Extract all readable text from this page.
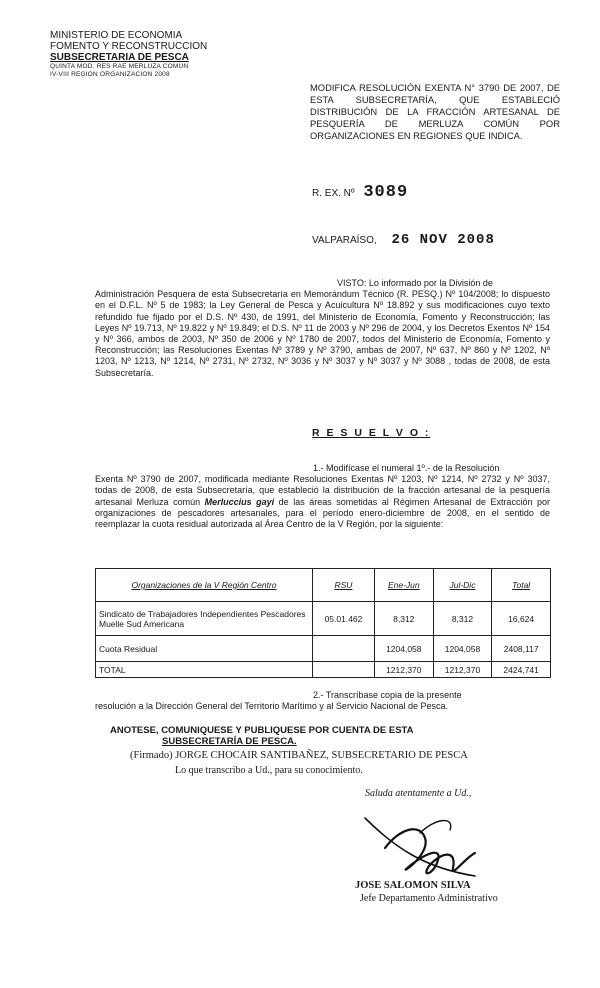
MINISTERIO DE ECONOMIA
FOMENTO Y RECONSTRUCCION
SUBSECRETARIA DE PESCA
QUINTA MOD. RES RAE MERLUZA COMUN
IV-VIII REGION ORGANIZACION 2008
MODIFICA RESOLUCIÓN EXENTA N° 3790 DE 2007, DE ESTA SUBSECRETARÍA, QUE ESTABLECIÓ DISTRIBUCIÓN DE LA FRACCIÓN ARTESANAL DE PESQUERÍA DE MERLUZA COMÚN POR ORGANIZACIONES EN REGIONES QUE INDICA.
R. EX. Nº 3089
VALPARAÍSO, 26 NOV 2008
VISTO: Lo informado por la División de
Administración Pesquera de esta Subsecretaría en Memorándum Técnico (R. PESQ.) Nº 104/2008; lo dispuesto en el D.F.L. Nº 5 de 1983; la Ley General de Pesca y Acuicultura Nº 18.892 y sus modificaciones cuyo texto refundido fue fijado por el D.S. Nº 430, de 1991, del Ministerio de Economía, Fomento y Reconstrucción; las Leyes Nº 19.713, Nº 19.822 y Nº 19.849; el D.S. Nº 11 de 2003 y Nº 296 de 2004, y los Decretos Exentos Nº 154 y Nº 366, ambos de 2003, Nº 350 de 2006 y Nº 1780 de 2007, todos del Ministerio de Economía, Fomento y Reconstrucción; las Resoluciones Exentas Nº 3789 y Nº 3790, ambas de 2007, Nº 637, Nº 860 y Nº 1202, Nº 1203, Nº 1213, Nº 1214, Nº 2731, Nº 2732, Nº 3036 y Nº 3037 y Nº 3037 y Nº 3088 , todas de 2008, de esta Subsecretaría.
R E S U E L V O :
1.- Modifícase el numeral 1º.- de la Resolución
Exenta Nº 3790 de 2007, modificada mediante Resoluciones Exentas Nº 1203, Nº 1214, Nº 2732 y Nº 3037, todas de 2008, de esta Subsecretaría, que estableció la distribución de la fracción artesanal de la pesquería artesanal Merluza común Merluccius gayi de las áreas sometidas al Régimen Artesanal de Extracción por organizaciones de pescadores artesanales, para el período enero-diciembre de 2008, en el sentido de reemplazar la cuota residual autorizada al Área Centro de la V Región, por la siguiente:
Organizaciones de la V Región Centro	RSU	Ene-Jun	Jul-Dic	Total
Sindicato de Trabajadores Independientes Pescadores Muelle Sud Americana	05.01.462	8,312	8,312	16,624
Cuota Residual		1204,058	1204,058	2408,117
TOTAL		1212,370	1212,370	2424,741
2.- Transcríbase copia de la presente
resolución a la Dirección General del Territorio Marítimo y al Servicio Nacional de Pesca.
ANOTESE, COMUNIQUESE Y PUBLIQUESE POR CUENTA DE ESTA
SUBSECRETARÍA DE PESCA.
(Firmado) JORGE CHOCAIR SANTIBAÑEZ, SUBSECRETARIO DE PESCA
Lo que transcribo a Ud., para su conocimiento.
Saluda atentamente a Ud.,
JOSE SALOMON SILVA
Jefe Departamento Administrativo
